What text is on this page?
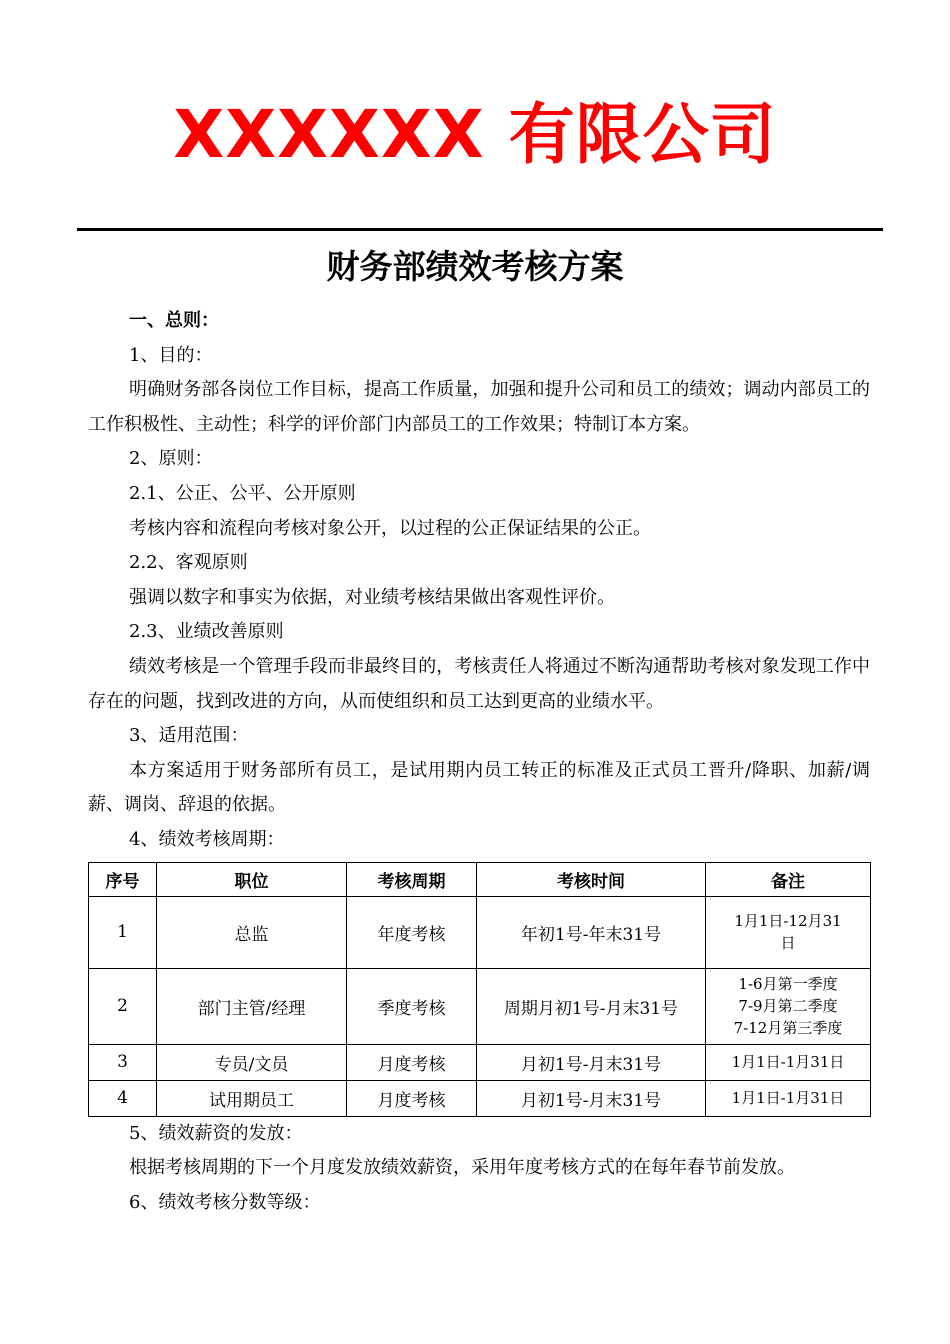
XXXXXX 有限公司
财务部绩效考核方案

一、总则：

1、目的：

明确财务部各岗位工作目标，提高工作质量，加强和提升公司和员工的绩效；调动内部员工的工作积极性、主动性；科学的评价部门内部员工的工作效果；特制订本方案。

2、原则：

2.1、公正、公平、公开原则

考核内容和流程向考核对象公开，以过程的公正保证结果的公正。

2.2、客观原则

强调以数字和事实为依据，对业绩考核结果做出客观性评价。

2.3、业绩改善原则

绩效考核是一个管理手段而非最终目的，考核责任人将通过不断沟通帮助考核对象发现工作中存在的问题，找到改进的方向，从而使组织和员工达到更高的业绩水平。

3、适用范围：

本方案适用于财务部所有员工，是试用期内员工转正的标准及正式员工晋升/降职、加薪/调薪、调岗、辞退的依据。

4、绩效考核周期：

序号	职位	考核周期	考核时间	备注
1	总监	年度考核	年初1号-年末31号	1月1日-12月31
日

2	部门主管/经理	季度考核	周期月初1号-月末31号	1-6月第一季度
7-9月第二季度
7-12月第三季度

3	专员/文员	月度考核	月初1号-月末31号	1月1日-1月31日

4	试用期员工	月度考核	月初1号-月末31号	1月1日-1月31日

5、绩效薪资的发放：

根据考核周期的下一个月度发放绩效薪资，采用年度考核方式的在每年春节前发放。

6、绩效考核分数等级：
